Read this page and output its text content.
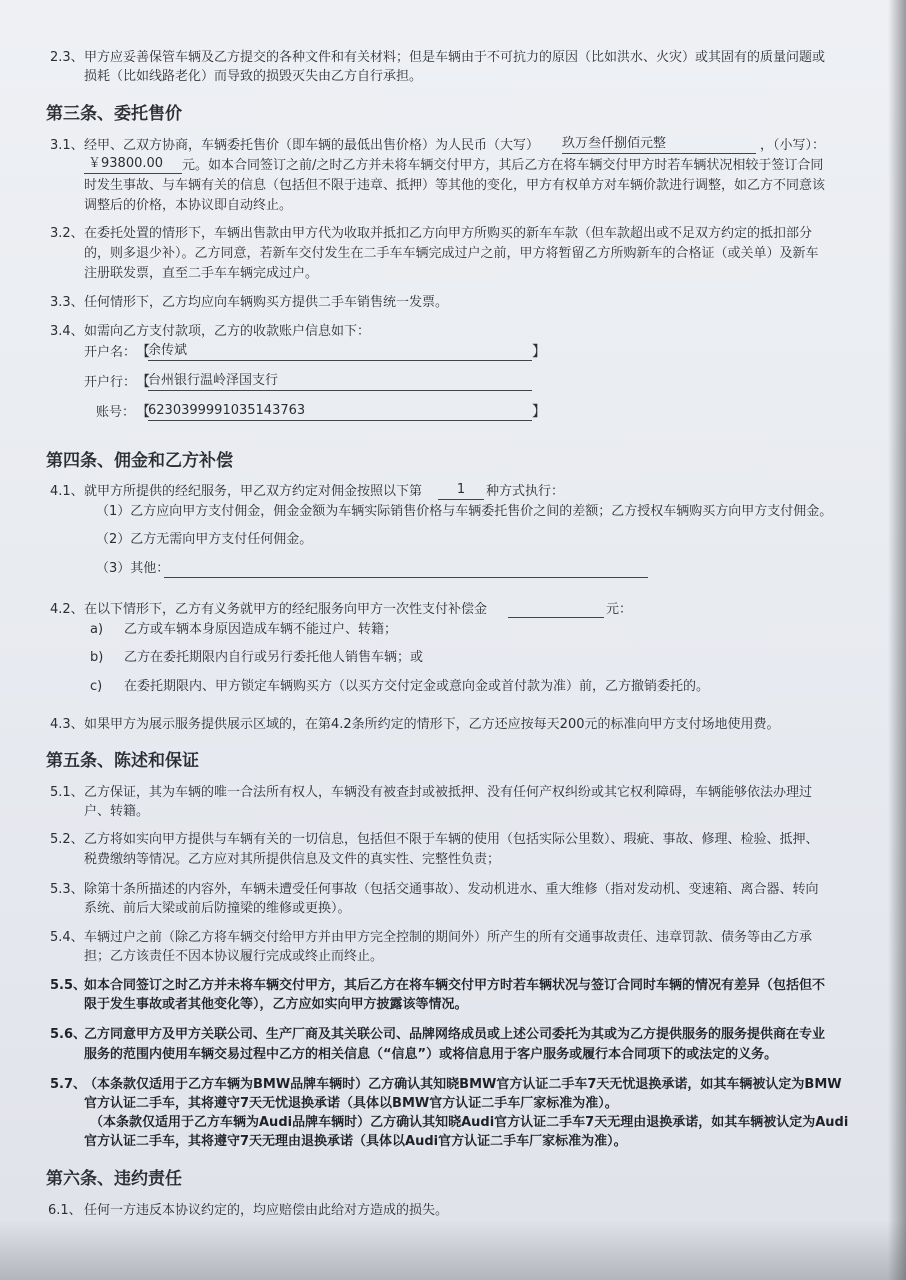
2.3、 甲方应妥善保管车辆及乙方提交的各种文件和有关材料；但是车辆由于不可抗力的原因（比如洪水、火灾）或其固有的质量问题或
损耗（比如线路老化）而导致的损毁灭失由乙方自行承担。
第三条、委托售价
3.1、 经甲、乙双方协商，车辆委托售价（即车辆的最低出售价格）为人民币（大写） 玖万叁仟捌佰元整	，（小写）：
￥93800.00	元。如本合同签订之前/之时乙方并未将车辆交付甲方，其后乙方在将车辆交付甲方时若车辆状况相较于签订合同
时发生事故、与车辆有关的信息（包括但不限于违章、抵押）等其他的变化，甲方有权单方对车辆价款进行调整，如乙方不同意该
调整后的价格，本协议即自动终止。
3.2、 在委托处置的情形下，车辆出售款由甲方代为收取并抵扣乙方向甲方所购买的新车车款（但车款超出或不足双方约定的抵扣部分
的，则多退少补）。乙方同意，若新车交付发生在二手车车辆完成过户之前，甲方将暂留乙方所购新车的合格证（或关单）及新车
注册联发票，直至二手车车辆完成过户。
3.3、 任何情形下，乙方均应向车辆购买方提供二手车销售统一发票。
3.4、 如需向乙方支付款项，乙方的收款账户信息如下：
开户名： 【
余传斌	】
开户行： 【
台州银行温岭泽国支行
账号： 【
6230399991035143763	】
第四条、佣金和乙方补偿
4.1、 就甲方所提供的经纪服务，甲乙双方约定对佣金按照以下第	1	种方式执行：
（1）乙方应向甲方支付佣金，佣金金额为车辆实际销售价格与车辆委托售价之间的差额；乙方授权车辆购买方向甲方支付佣金。
（2）乙方无需向甲方支付任何佣金。
（3）其他：
4.2、 在以下情形下，乙方有义务就甲方的经纪服务向甲方一次性支付补偿金	元：
a) 乙方或车辆本身原因造成车辆不能过户、转籍；
b) 乙方在委托期限内自行或另行委托他人销售车辆；或
c) 在委托期限内、甲方锁定车辆购买方（以买方交付定金或意向金或首付款为准）前，乙方撤销委托的。
4.3、 如果甲方为展示服务提供展示区域的，在第4.2条所约定的情形下，乙方还应按每天200元的标准向甲方支付场地使用费。
第五条、陈述和保证
5.1、 乙方保证，其为车辆的唯一合法所有权人，车辆没有被查封或被抵押、没有任何产权纠纷或其它权利障碍，车辆能够依法办理过
户、转籍。
5.2、 乙方将如实向甲方提供与车辆有关的一切信息，包括但不限于车辆的使用（包括实际公里数）、瑕疵、事故、修理、检验、抵押、
税费缴纳等情况。乙方应对其所提供信息及文件的真实性、完整性负责；
5.3、 除第十条所描述的内容外，车辆未遭受任何事故（包括交通事故）、发动机进水、重大维修（指对发动机、变速箱、离合器、转向
系统、前后大梁或前后防撞梁的维修或更换）。
5.4、 车辆过户之前（除乙方将车辆交付给甲方并由甲方完全控制的期间外）所产生的所有交通事故责任、违章罚款、债务等由乙方承
担；乙方该责任不因本协议履行完成或终止而终止。
5.5、
如本合同签订之时乙方并未将车辆交付甲方，其后乙方在将车辆交付甲方时若车辆状况与签订合同时车辆的情况有差异（包括但不
限于发生事故或者其他变化等），乙方应如实向甲方披露该等情况。
5.6、
乙方同意甲方及甲方关联公司、生产厂商及其关联公司、品牌网络成员或上述公司委托为其或为乙方提供服务的服务提供商在专业
服务的范围内使用车辆交易过程中乙方的相关信息（“信息”）或将信息用于客户服务或履行本合同项下的或法定的义务。
5.7、
（本条款仅适用于乙方车辆为BMW品牌车辆时）乙方确认其知晓BMW官方认证二手车7天无忧退换承诺，如其车辆被认定为BMW
官方认证二手车，其将遵守7天无忧退换承诺（具体以BMW官方认证二手车厂家标准为准）。
（本条款仅适用于乙方车辆为Audi品牌车辆时）乙方确认其知晓Audi官方认证二手车7天无理由退换承诺，如其车辆被认定为Audi
官方认证二手车，其将遵守7天无理由退换承诺（具体以Audi官方认证二手车厂家标准为准）。
第六条、违约责任
6.1、 任何一方违反本协议约定的，均应赔偿由此给对方造成的损失。
